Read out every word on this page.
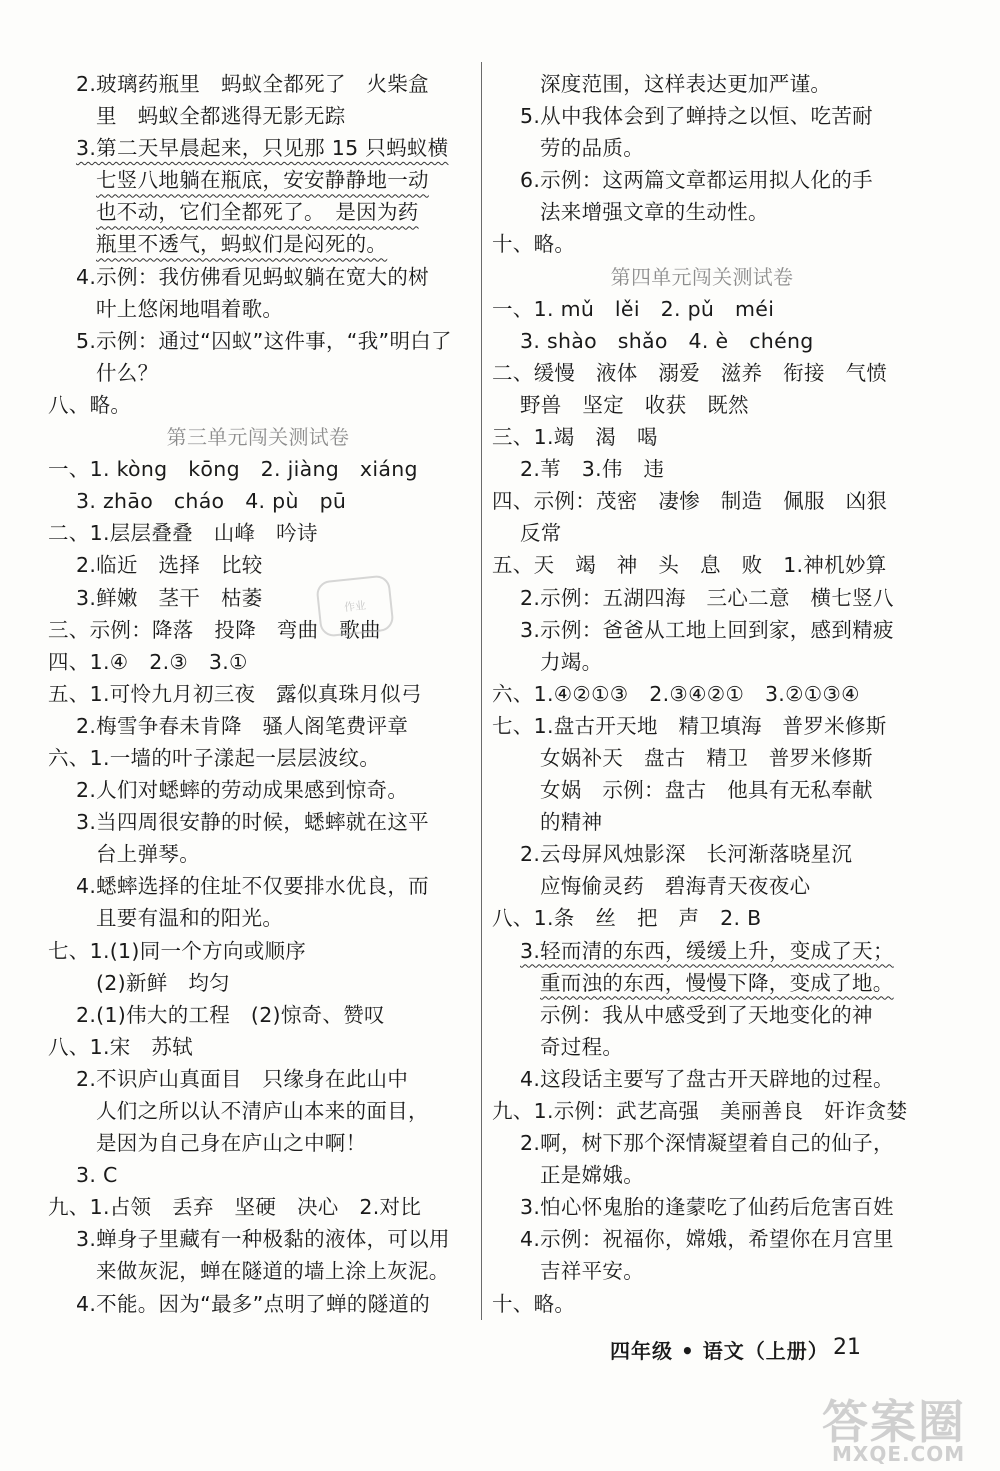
2.玻璃药瓶里　蚂蚁全都死了　火柴盒
里　蚂蚁全都逃得无影无踪
3.第二天早晨起来，只见那 15 只蚂蚁横
七竖八地躺在瓶底，安安静静地一动
也不动，它们全都死了。　是因为药
瓶里不透气，蚂蚁们是闷死的。
4.示例：我仿佛看见蚂蚁躺在宽大的树
叶上悠闲地唱着歌。
5.示例：通过“囚蚁”这件事，“我”明白了
什么？
八、略。
第三单元闯关测试卷
一、1. kòng　kōng　2. jiàng　xiáng
3. zhāo　cháo　4. pù　pū
二、1.层层叠叠　山峰　吟诗
2.临近　选择　比较
3.鲜嫩　茎干　枯萎
三、示例：降落　投降　弯曲　歌曲
四、1.④　2.③　3.①
五、1.可怜九月初三夜　露似真珠月似弓
2.梅雪争春未肯降　骚人阁笔费评章
六、1.一墙的叶子漾起一层层波纹。
2.人们对蟋蟀的劳动成果感到惊奇。
3.当四周很安静的时候，蟋蟀就在这平
台上弹琴。
4.蟋蟀选择的住址不仅要排水优良，而
且要有温和的阳光。
七、1.(1)同一个方向或顺序
(2)新鲜　均匀
2.(1)伟大的工程　(2)惊奇、赞叹
八、1.宋　苏轼
2.不识庐山真面目　只缘身在此山中
人们之所以认不清庐山本来的面目，
是因为自己身在庐山之中啊！
3. C
九、1.占领　丢弃　坚硬　决心　2.对比
3.蝉身子里藏有一种极黏的液体，可以用
来做灰泥，蝉在隧道的墙上涂上灰泥。
4.不能。因为“最多”点明了蝉的隧道的
深度范围，这样表达更加严谨。
5.从中我体会到了蝉持之以恒、吃苦耐
劳的品质。
6.示例：这两篇文章都运用拟人化的手
法来增强文章的生动性。
十、略。
第四单元闯关测试卷
一、1. mǔ　lěi　2. pǔ　méi
3. shào　shǎo　4. è　chéng
二、缓慢　液体　溺爱　滋养　衔接　气愤
野兽　坚定　收获　既然
三、1.竭　渴　喝
2.苇　3.伟　违
四、示例：茂密　凄惨　制造　佩服　凶狠
反常
五、天　竭　神　头　息　败　1.神机妙算
2.示例：五湖四海　三心二意　横七竖八
3.示例：爸爸从工地上回到家，感到精疲
力竭。
六、1.④②①③　2.③④②①　3.②①③④
七、1.盘古开天地　精卫填海　普罗米修斯
女娲补天　盘古　精卫　普罗米修斯
女娲　示例：盘古　他具有无私奉献
的精神
2.云母屏风烛影深　长河渐落晓星沉
应悔偷灵药　碧海青天夜夜心
八、1.条　丝　把　声　2. B
3.轻而清的东西，缓缓上升，变成了天；
重而浊的东西，慢慢下降，变成了地。
示例：我从中感受到了天地变化的神
奇过程。
4.这段话主要写了盘古开天辟地的过程。
九、1.示例：武艺高强　美丽善良　奸诈贪婪
2.啊，树下那个深情凝望着自己的仙子，
正是嫦娥。
3.怕心怀鬼胎的逢蒙吃了仙药后危害百姓
4.示例：祝福你，嫦娥，希望你在月宫里
吉祥平安。
十、略。
作业
四年级 • 语文（上册） 21
答案圈
MXQE.COM
